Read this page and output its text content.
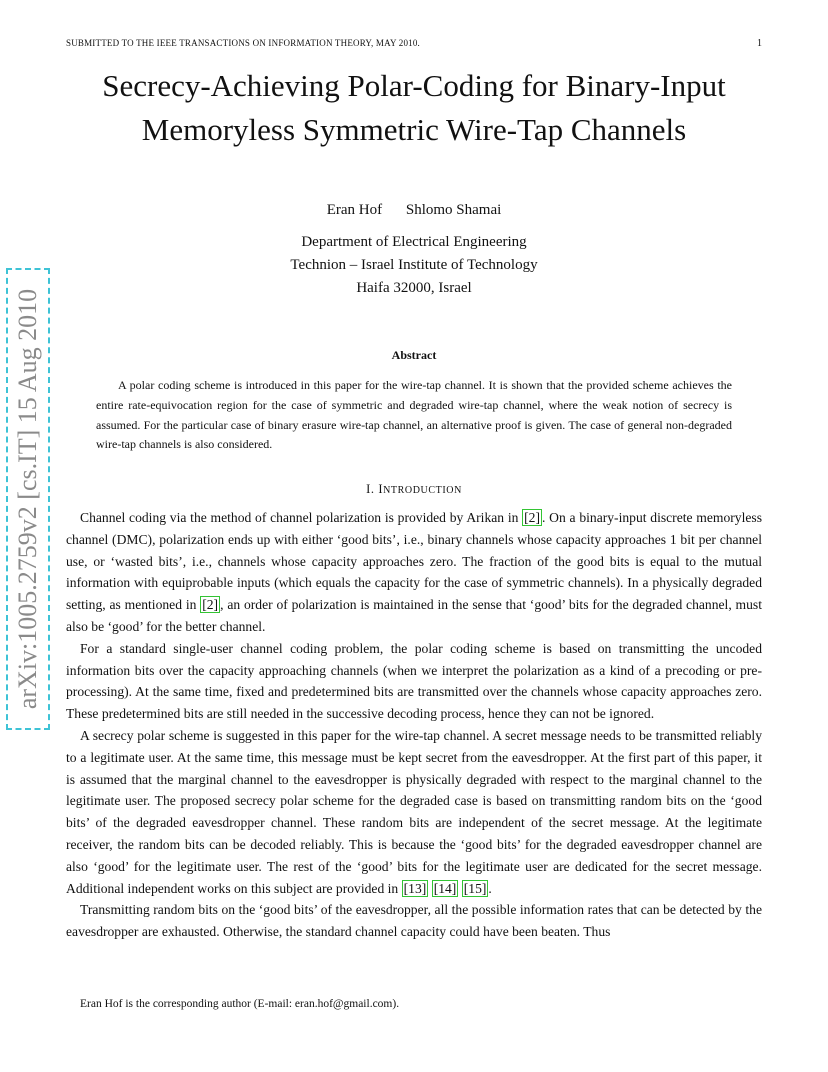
SUBMITTED TO THE IEEE TRANSACTIONS ON INFORMATION THEORY, MAY 2010.	1
arXiv:1005.2759v2 [cs.IT] 15 Aug 2010
Secrecy-Achieving Polar-Coding for Binary-Input Memoryless Symmetric Wire-Tap Channels
Eran Hof Shlomo Shamai
Department of Electrical Engineering
Technion – Israel Institute of Technology
Haifa 32000, Israel
Abstract
A polar coding scheme is introduced in this paper for the wire-tap channel. It is shown that the provided scheme achieves the entire rate-equivocation region for the case of symmetric and degraded wire-tap channel, where the weak notion of secrecy is assumed. For the particular case of binary erasure wire-tap channel, an alternative proof is given. The case of general non-degraded wire-tap channels is also considered.
I. INTRODUCTION

Channel coding via the method of channel polarization is provided by Arikan in [2] . On a binary-input discrete memoryless channel (DMC), polarization ends up with either ‘good bits’, i.e., binary channels whose capacity approaches 1 bit per channel use, or ‘wasted bits’, i.e., channels whose capacity approaches zero. The fraction of the good bits is equal to the mutual information with equiprobable inputs (which equals the capacity for the case of symmetric channels). In a physically degraded setting, as mentioned in [2] , an order of polarization is maintained in the sense that ‘good’ bits for the degraded channel, must also be ‘good’ for the better channel.

For a standard single-user channel coding problem, the polar coding scheme is based on transmitting the uncoded information bits over the capacity approaching channels (when we interpret the polarization as a kind of a precoding or pre-processing). At the same time, fixed and predetermined bits are transmitted over the channels whose capacity approaches zero. These predetermined bits are still needed in the successive decoding process, hence they can not be ignored.

A secrecy polar scheme is suggested in this paper for the wire-tap channel. A secret message needs to be transmitted reliably to a legitimate user. At the same time, this message must be kept secret from the eavesdropper. At the first part of this paper, it is assumed that the marginal channel to the eavesdropper is physically degraded with respect to the marginal channel to the legitimate user. The proposed secrecy polar scheme for the degraded case is based on transmitting random bits on the ‘good bits’ of the degraded eavesdropper channel. These random bits are independent of the secret message. At the legitimate receiver, the random bits can be decoded reliably. This is because the ‘good bits’ for the degraded eavesdropper channel are also ‘good’ for the legitimate user. The rest of the ‘good’ bits for the legitimate user are dedicated for the secret message. Additional independent works on this subject are provided in [13] [14] [15] .

Transmitting random bits on the ‘good bits’ of the eavesdropper, all the possible information rates that can be detected by the eavesdropper are exhausted. Otherwise, the standard channel capacity could have been beaten. Thus

Eran Hof is the corresponding author (E-mail: eran.hof@gmail.com).
